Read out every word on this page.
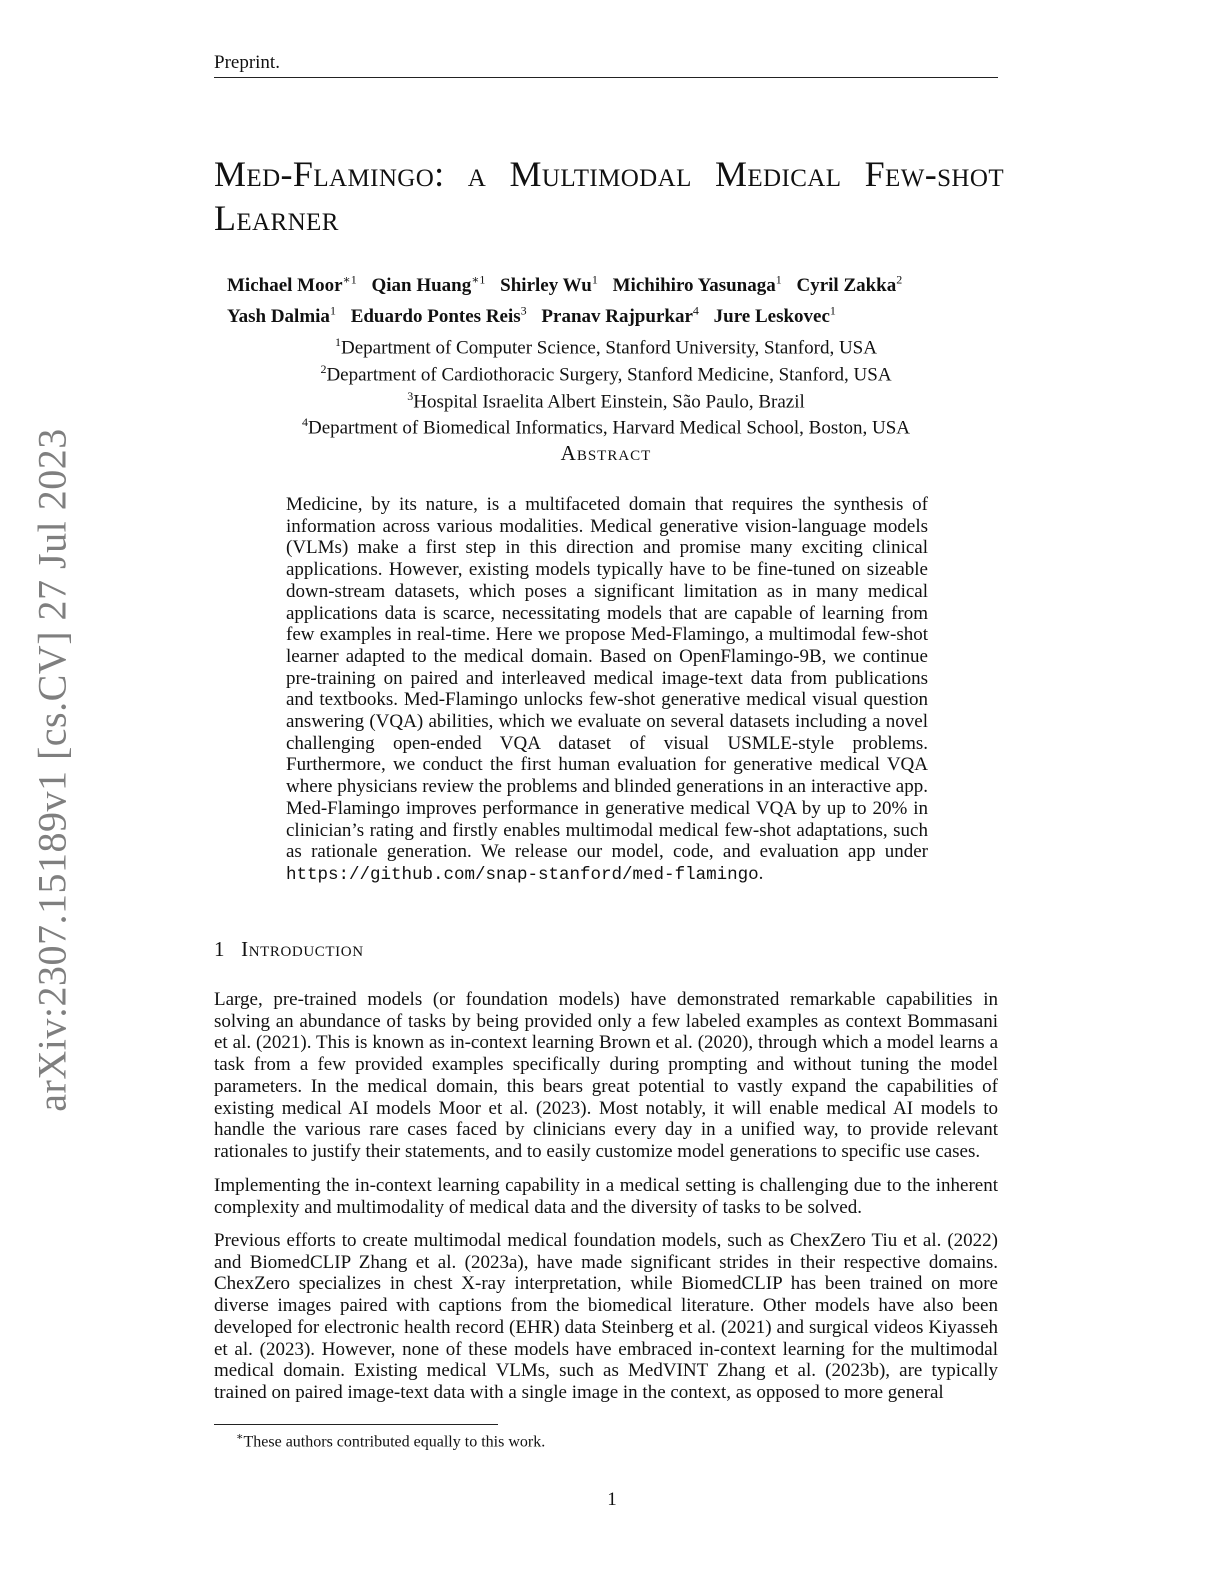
Preprint.
arXiv:2307.15189v1 [cs.CV] 27 Jul 2023
Med-Flamingo: a Multimodal Medical Few-shot Learner
Michael Moor$^{∗1}$ Qian Huang$^{∗1}$ Shirley Wu$^1$ Michihiro Yasunaga$^1$ Cyril Zakka$^2$
Yash Dalmia$^1$ Eduardo Pontes Reis$^3$ Pranav Rajpurkar$^4$ Jure Leskovec$^1$
$^1$Department of Computer Science, Stanford University, Stanford, USA
$^2$Department of Cardiothoracic Surgery, Stanford Medicine, Stanford, USA
$^3$Hospital Israelita Albert Einstein, São Paulo, Brazil
$^4$Department of Biomedical Informatics, Harvard Medical School, Boston, USA
Abstract

Medicine, by its nature, is a multifaceted domain that requires the synthesis of information across various modalities. Medical generative vision-language models (VLMs) make a first step in this direction and promise many exciting clinical applications. However, existing models typically have to be fine-tuned on sizeable down-stream datasets, which poses a significant limitation as in many medical applications data is scarce, necessitating models that are capable of learning from few examples in real-time. Here we propose Med-Flamingo, a multimodal few-shot learner adapted to the medical domain. Based on OpenFlamingo-9B, we continue pre-training on paired and interleaved medical image-text data from publications and textbooks. Med-Flamingo unlocks few-shot generative medical visual question answering (VQA) abilities, which we evaluate on several datasets including a novel challenging open-ended VQA dataset of visual USMLE-style problems. Furthermore, we conduct the first human evaluation for generative medical VQA where physicians review the problems and blinded generations in an interactive app. Med-Flamingo improves performance in generative medical VQA by up to 20% in clinician’s rating and firstly enables multimodal medical few-shot adaptations, such as rationale generation. We release our model, code, and evaluation app under https://github.com/snap-stanford/med-flamingo.

1 Introduction

Large, pre-trained models (or foundation models) have demonstrated remarkable capabilities in solving an abundance of tasks by being provided only a few labeled examples as context Bommasani et al. (2021). This is known as in-context learning Brown et al. (2020), through which a model learns a task from a few provided examples specifically during prompting and without tuning the model parameters. In the medical domain, this bears great potential to vastly expand the capabilities of existing medical AI models Moor et al. (2023). Most notably, it will enable medical AI models to handle the various rare cases faced by clinicians every day in a unified way, to provide relevant rationales to justify their statements, and to easily customize model generations to specific use cases.

Implementing the in-context learning capability in a medical setting is challenging due to the inherent complexity and multimodality of medical data and the diversity of tasks to be solved.

Previous efforts to create multimodal medical foundation models, such as ChexZero Tiu et al. (2022) and BiomedCLIP Zhang et al. (2023a), have made significant strides in their respective domains. ChexZero specializes in chest X-ray interpretation, while BiomedCLIP has been trained on more diverse images paired with captions from the biomedical literature. Other models have also been developed for electronic health record (EHR) data Steinberg et al. (2021) and surgical videos Kiyasseh et al. (2023). However, none of these models have embraced in-context learning for the multimodal medical domain. Existing medical VLMs, such as MedVINT Zhang et al. (2023b), are typically trained on paired image-text data with a single image in the context, as opposed to more general

∗These authors contributed equally to this work.
1
